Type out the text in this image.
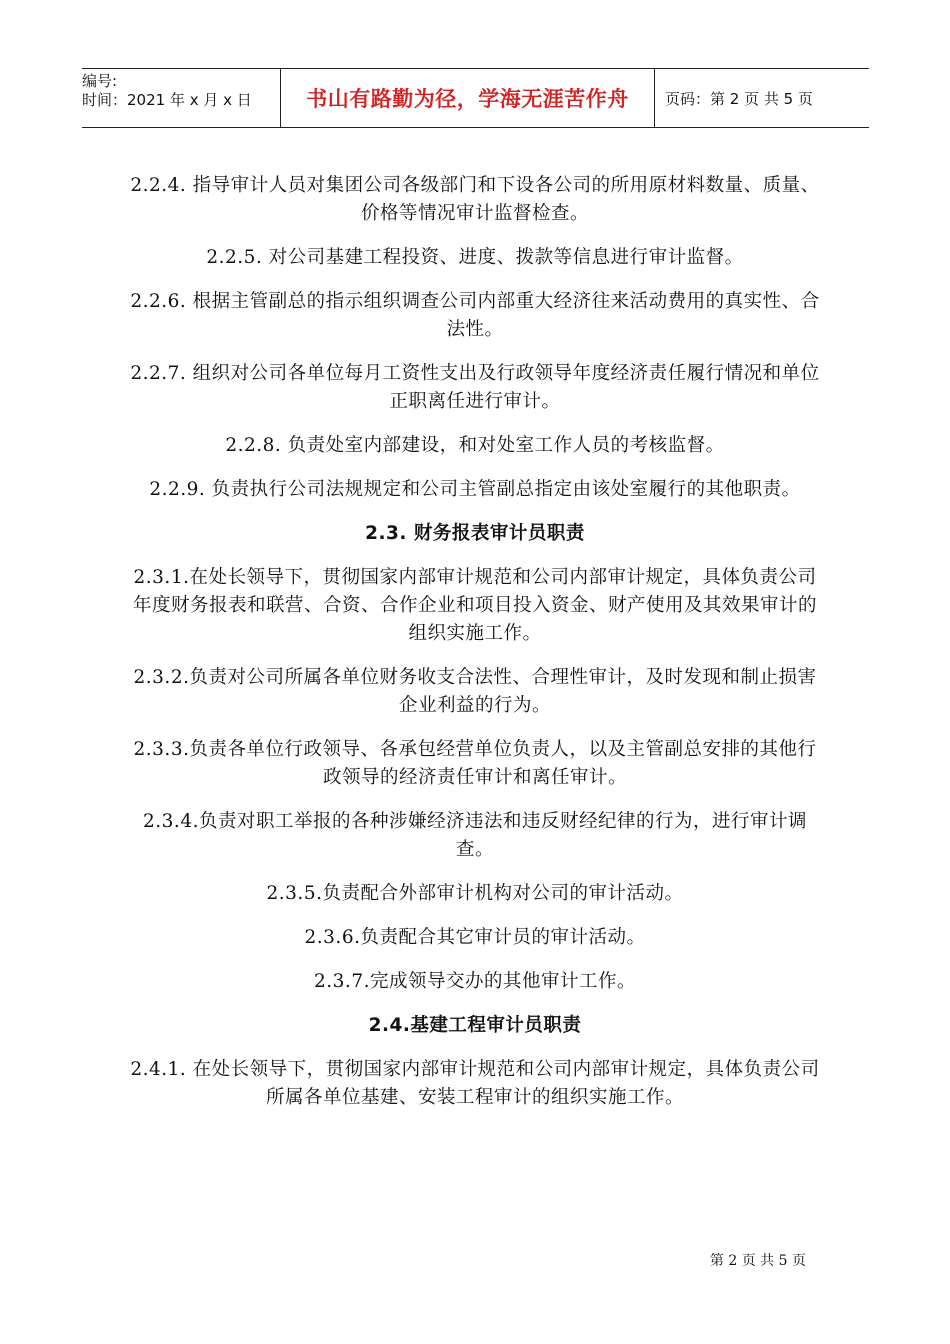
编号:
时间：2021 年 x 月 x 日	书山有路勤为径，学海无涯苦作舟	页码：第 2 页 共 5 页

2.2.4. 指导审计人员对集团公司各级部门和下设各公司的所用原材料数量、质量、价格等情况审计监督检查。

2.2.5. 对公司基建工程投资、进度、拨款等信息进行审计监督。

2.2.6. 根据主管副总的指示组织调查公司内部重大经济往来活动费用的真实性、合法性。

2.2.7. 组织对公司各单位每月工资性支出及行政领导年度经济责任履行情况和单位正职离任进行审计。

2.2.8. 负责处室内部建设，和对处室工作人员的考核监督。

2.2.9. 负责执行公司法规规定和公司主管副总指定由该处室履行的其他职责。

2.3. 财务报表审计员职责

2.3.1.在处长领导下，贯彻国家内部审计规范和公司内部审计规定，具体负责公司年度财务报表和联营、合资、合作企业和项目投入资金、财产使用及其效果审计的组织实施工作。

2.3.2.负责对公司所属各单位财务收支合法性、合理性审计，及时发现和制止损害企业利益的行为。

2.3.3.负责各单位行政领导、各承包经营单位负责人，以及主管副总安排的其他行政领导的经济责任审计和离任审计。

2.3.4.负责对职工举报的各种涉嫌经济违法和违反财经纪律的行为，进行审计调查。

2.3.5.负责配合外部审计机构对公司的审计活动。

2.3.6.负责配合其它审计员的审计活动。

2.3.7.完成领导交办的其他审计工作。

2.4.基建工程审计员职责

2.4.1. 在处长领导下，贯彻国家内部审计规范和公司内部审计规定，具体负责公司所属各单位基建、安装工程审计的组织实施工作。

第 2 页 共 5 页
